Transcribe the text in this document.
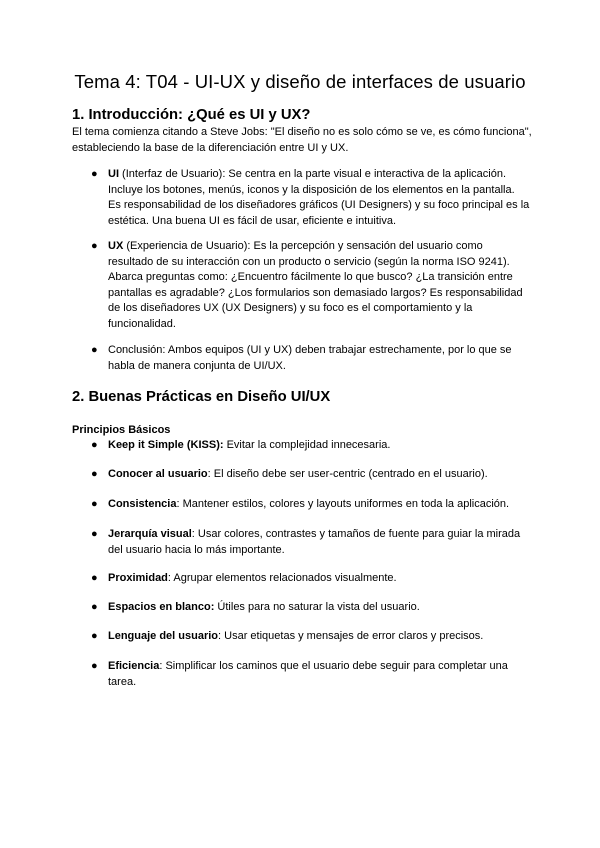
Tema 4: T04 - UI-UX y diseño de interfaces de usuario
1. Introducción: ¿Qué es UI y UX?

El tema comienza citando a Steve Jobs: "El diseño no es solo cómo se ve, es cómo funciona", estableciendo la base de la diferenciación entre UI y UX.

● UI (Interfaz de Usuario): Se centra en la parte visual e interactiva de la aplicación. Incluye los botones, menús, iconos y la disposición de los elementos en la pantalla. Es responsabilidad de los diseñadores gráficos (UI Designers) y su foco principal es la estética. Una buena UI es fácil de usar, eficiente e intuitiva.
● UX (Experiencia de Usuario): Es la percepción y sensación del usuario como resultado de su interacción con un producto o servicio (según la norma ISO 9241). Abarca preguntas como: ¿Encuentro fácilmente lo que busco? ¿La transición entre pantallas es agradable? ¿Los formularios son demasiado largos? Es responsabilidad de los diseñadores UX (UX Designers) y su foco es el comportamiento y la funcionalidad.
● Conclusión: Ambos equipos (UI y UX) deben trabajar estrechamente, por lo que se habla de manera conjunta de UI/UX.
2. Buenas Prácticas en Diseño UI/UX
Principios Básicos
● Keep it Simple (KISS): Evitar la complejidad innecesaria.
● Conocer al usuario: El diseño debe ser user-centric (centrado en el usuario).
● Consistencia: Mantener estilos, colores y layouts uniformes en toda la aplicación.
● Jerarquía visual: Usar colores, contrastes y tamaños de fuente para guiar la mirada del usuario hacia lo más importante.
● Proximidad: Agrupar elementos relacionados visualmente.
● Espacios en blanco: Útiles para no saturar la vista del usuario.
● Lenguaje del usuario: Usar etiquetas y mensajes de error claros y precisos.
● Eficiencia: Simplificar los caminos que el usuario debe seguir para completar una tarea.
